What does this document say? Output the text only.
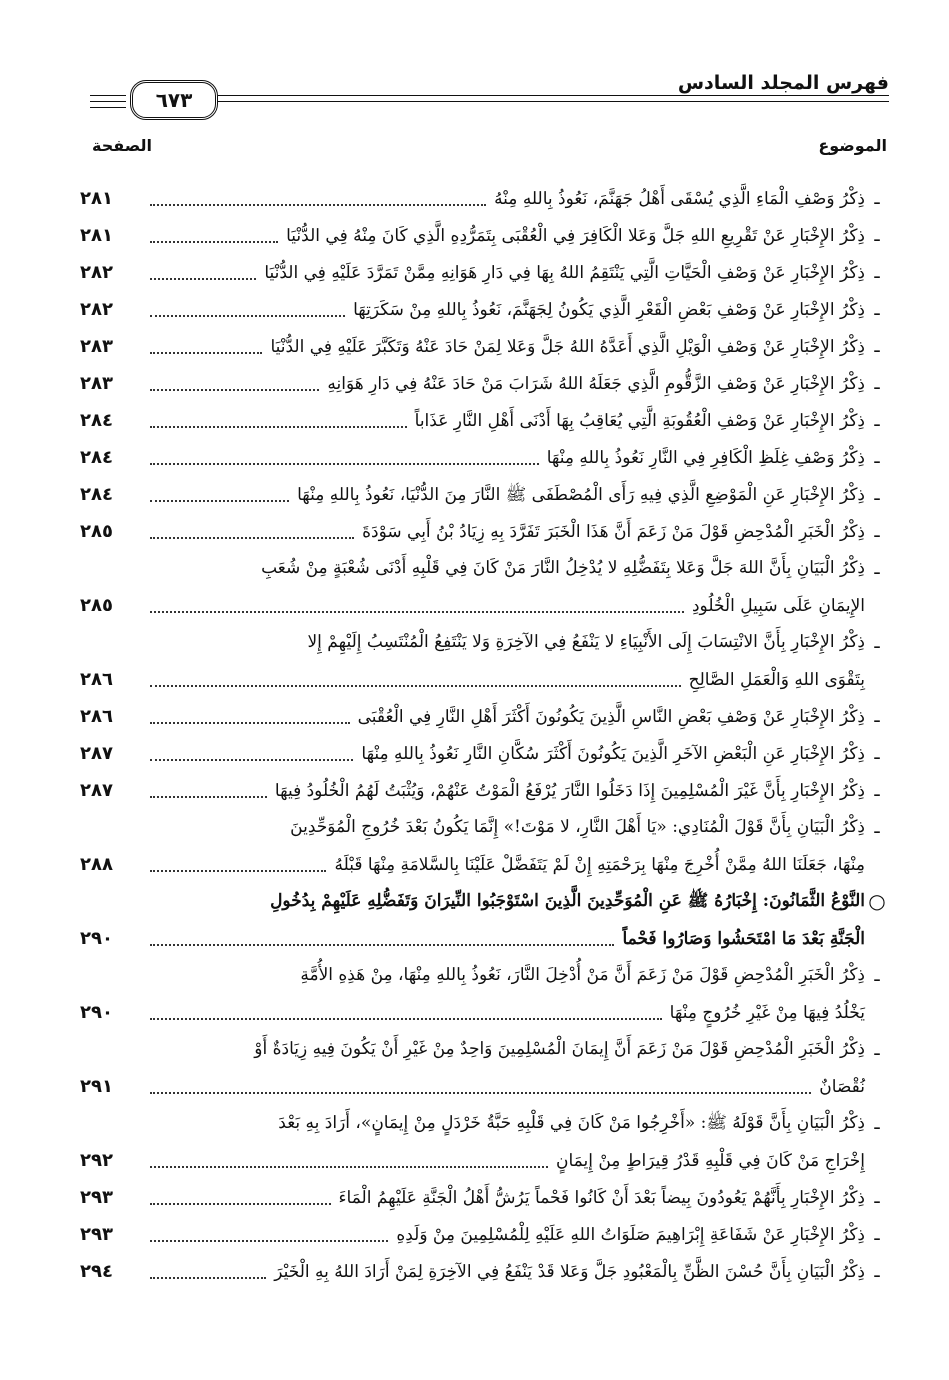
فهرس المجلد السادس
٦٧٣
الموضوع
الصفحة
ـ
ذِكْرُ وَصْفِ الْمَاءِ الَّذِي يُسْقَى أَهْلُ جَهَنَّمَ، نَعُوذُ بِاللهِ مِنْهُ
٢٨١
ـ
ذِكْرُ الإِخْبَارِ عَنْ تَقْرِيعِ اللهِ جَلَّ وَعَلا الْكَافِرَ فِي الْعُقْبَى بِتَمَرُّدِهِ الَّذِي كَانَ مِنْهُ فِي الدُّنْيَا
٢٨١
ـ
ذِكْرُ الإِخْبَارِ عَنْ وَصْفِ الْحَيَّاتِ الَّتِي يَنْتَقِمُ اللهُ بِهَا فِي دَارِ هَوَانِهِ مِمَّنْ تَمَرَّدَ عَلَيْهِ فِي الدُّنْيَا
٢٨٢
ـ
ذِكْرُ الإِخْبَارِ عَنْ وَصْفِ بَعْضِ الْقَعْرِ الَّذِي يَكُونُ لِجَهَنَّمَ، نَعُوذُ بِاللهِ مِنْ سَكَرَتِهَا
٢٨٢
ـ
ذِكْرُ الإِخْبَارِ عَنْ وَصْفِ الْوَيْلِ الَّذِي أَعَدَّهُ اللهُ جَلَّ وَعَلا لِمَنْ حَادَ عَنْهُ وَتَكَبَّرَ عَلَيْهِ فِي الدُّنْيَا
٢٨٣
ـ
ذِكْرُ الإِخْبَارِ عَنْ وَصْفِ الزَّقُّومِ الَّذِي جَعَلَهُ اللهُ شَرَابَ مَنْ حَادَ عَنْهُ فِي دَارِ هَوَانِهِ
٢٨٣
ـ
ذِكْرُ الإِخْبَارِ عَنْ وَصْفِ الْعُقُوبَةِ الَّتِي يُعَاقِبُ بِهَا أَدْنَى أَهْلِ النَّارِ عَذَاباً
٢٨٤
ـ
ذِكْرُ وَصْفِ غِلَظِ الْكَافِرِ فِي النَّارِ نَعُوذُ بِاللهِ مِنْهَا
٢٨٤
ـ
ذِكْرُ الإِخْبَارِ عَنِ الْمَوْضِعِ الَّذِي فِيهِ رَأَى الْمُصْطَفَى ﷺ النَّارَ مِنَ الدُّنْيَا، نَعُوذُ بِاللهِ مِنْهَا
٢٨٤
ـ
ذِكْرُ الْخَبَرِ الْمُدْحِضِ قَوْلَ مَنْ زَعَمَ أَنَّ هَذَا الْخَبَرَ تَفَرَّدَ بِهِ زِيَادُ بْنُ أَبِي سَوْدَةَ
٢٨٥
ـ
ذِكْرُ الْبَيَانِ بِأَنَّ اللهَ جَلَّ وَعَلا بِتَفَضُّلِهِ لا يُدْخِلُ النَّارَ مَنْ كَانَ فِي قَلْبِهِ أَدْنَى شُعْبَةٍ مِنْ شُعَبِ
الإِيمَانِ عَلَى سَبِيلِ الْخُلُودِ
٢٨٥
ـ
ذِكْرُ الإِخْبَارِ بِأَنَّ الانْتِسَابَ إِلَى الأَنْبِيَاءِ لا يَنْفَعُ فِي الآخِرَةِ وَلا يَنْتَفِعُ الْمُنْتَسِبُ إِلَيْهِمْ إِلا
بِتَقْوَى اللهِ وَالْعَمَلِ الصَّالِحِ
٢٨٦
ـ
ذِكْرُ الإِخْبَارِ عَنْ وَصْفِ بَعْضِ النَّاسِ الَّذِينَ يَكُونُونَ أَكْثَرَ أَهْلِ النَّارِ فِي الْعُقْبَى
٢٨٦
ـ
ذِكْرُ الإِخْبَارِ عَنِ الْبَعْضِ الآخَرِ الَّذِينَ يَكُونُونَ أَكْثَرَ سُكَّانِ النَّارِ نَعُوذُ بِاللهِ مِنْهَا
٢٨٧
ـ
ذِكْرُ الإِخْبَارِ بِأَنَّ غَيْرَ الْمُسْلِمِينَ إِذَا دَخَلُوا النَّارَ يُرْفَعُ الْمَوْتُ عَنْهُمْ، وَيُثْبَتُ لَهُمُ الْخُلُودُ فِيهَا
٢٨٧
ـ
ذِكْرُ الْبَيَانِ بِأَنَّ قَوْلَ الْمُنَادِي: «يَا أَهْلَ النَّارِ، لا مَوْتَ!» إِنَّمَا يَكُونُ بَعْدَ خُرُوجِ الْمُوَحِّدِينَ
مِنْهَا، جَعَلَنَا اللهُ مِمَّنْ أُخْرِجَ مِنْهَا بِرَحْمَتِهِ إِنْ لَمْ يَتَفَضَّلْ عَلَيْنَا بِالسَّلامَةِ مِنْهَا قَبْلَهُ
٢٨٨
○
النَّوْعُ الثَّمَانُونَ: إِخْبَارُهُ ﷺ عَنِ الْمُوَحِّدِينَ الَّذِينَ اسْتَوْجَبُوا النِّيرَانَ وَتَفَضُّلِهِ عَلَيْهِمْ بِدُخُولِ
الْجَنَّةِ بَعْدَ مَا امْتَحَشُوا وَصَارُوا فَحْماً
٢٩٠
ـ
ذِكْرُ الْخَبَرِ الْمُدْحِضِ قَوْلَ مَنْ زَعَمَ أَنَّ مَنْ أُدْخِلَ النَّارَ، نَعُوذُ بِاللهِ مِنْهَا، مِنْ هَذِهِ الأُمَّةِ
يَخْلُدُ فِيهَا مِنْ غَيْرِ خُرُوجٍ مِنْهَا
٢٩٠
ـ
ذِكْرُ الْخَبَرِ الْمُدْحِضِ قَوْلَ مَنْ زَعَمَ أَنَّ إِيمَانَ الْمُسْلِمِينَ وَاحِدٌ مِنْ غَيْرِ أَنْ يَكُونَ فِيهِ زِيَادَةٌ أَوْ
نُقْصَانٌ
٢٩١
ـ
ذِكْرُ الْبَيَانِ بِأَنَّ قَوْلَهُ ﷺ: «أَخْرِجُوا مَنْ كَانَ فِي قَلْبِهِ حَبَّةُ خَرْدَلٍ مِنْ إِيمَانٍ»، أَرَادَ بِهِ بَعْدَ
إِخْرَاجِ مَنْ كَانَ فِي قَلْبِهِ قَدْرُ قِيرَاطٍ مِنْ إِيمَانٍ
٢٩٢
ـ
ذِكْرُ الإِخْبَارِ بِأَنَّهُمْ يَعُودُونَ بِيضاً بَعْدَ أَنْ كَانُوا فَحْماً يَرُشُّ أَهْلُ الْجَنَّةِ عَلَيْهِمُ الْمَاءَ
٢٩٣
ـ
ذِكْرُ الإِخْبَارِ عَنْ شَفَاعَةِ إِبْرَاهِيمَ صَلَوَاتُ اللهِ عَلَيْهِ لِلْمُسْلِمِينَ مِنْ وَلَدِهِ
٢٩٣
ـ
ذِكْرُ الْبَيَانِ بِأَنَّ حُسْنَ الظَّنِّ بِالْمَعْبُودِ جَلَّ وَعَلا قَدْ يَنْفَعُ فِي الآخِرَةِ لِمَنْ أَرَادَ اللهُ بِهِ الْخَيْرَ
٢٩٤
